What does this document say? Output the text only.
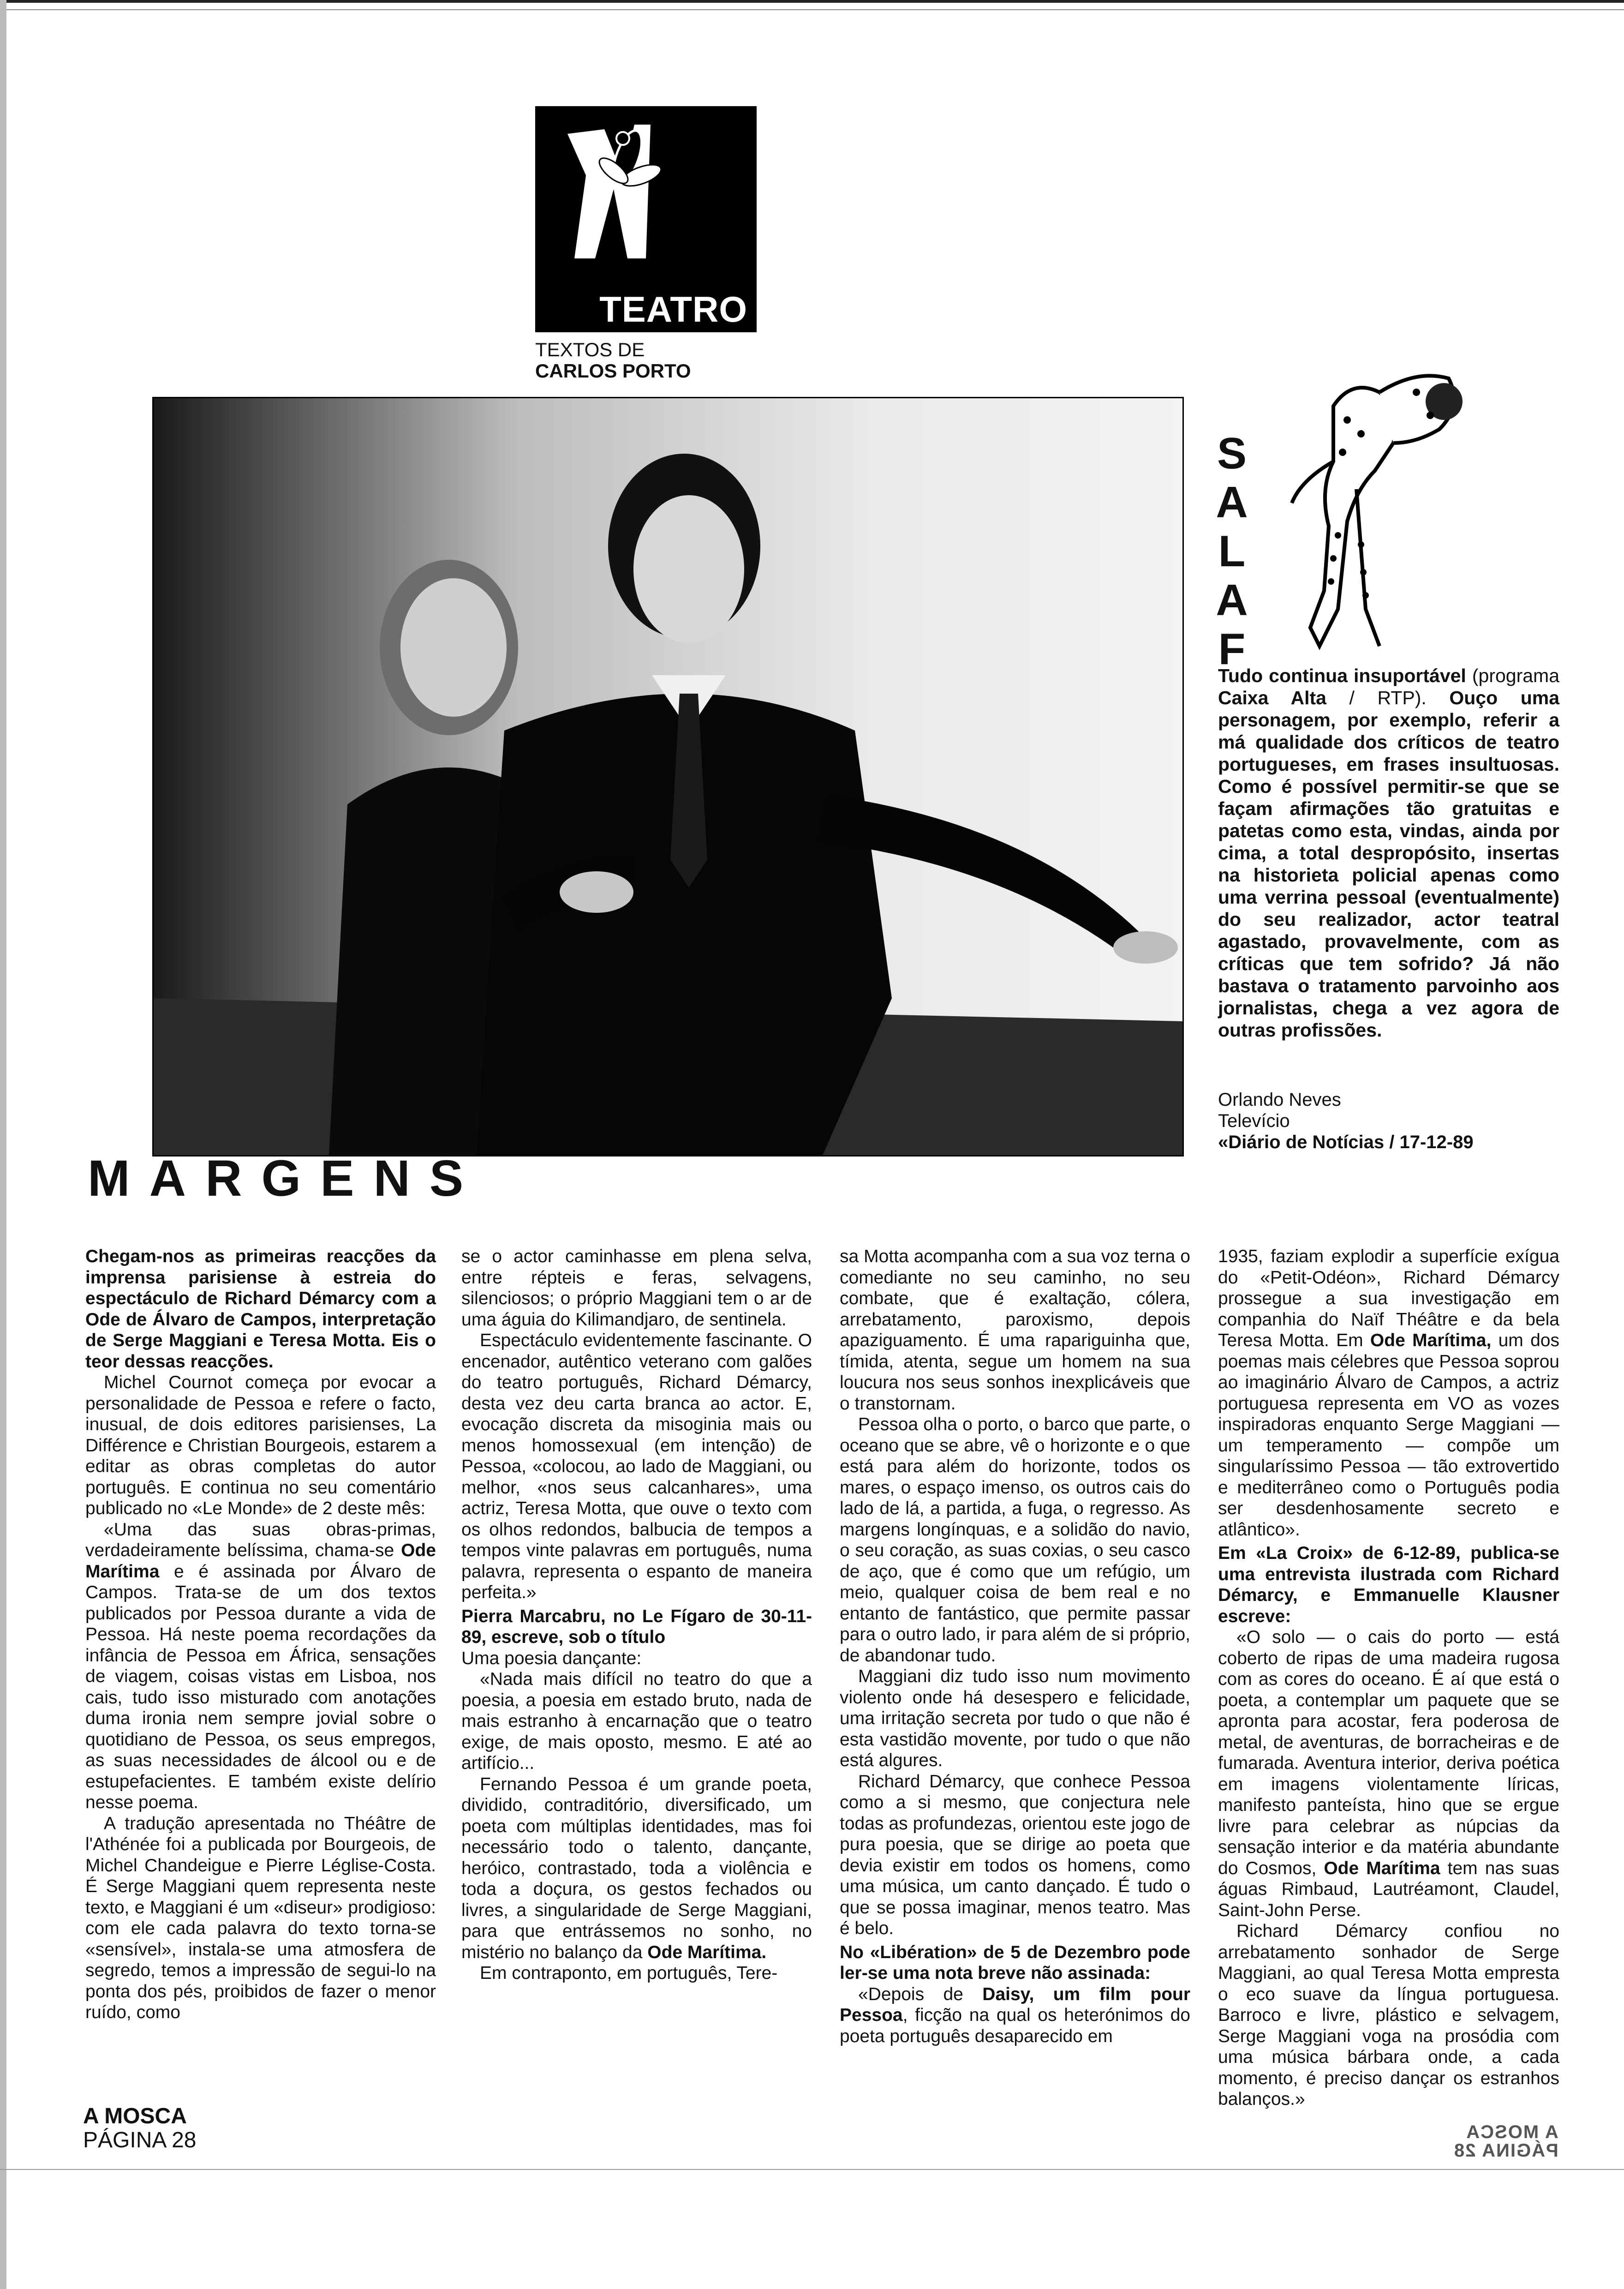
TEATRO
TEXTOS DE
CARLOS PORTO
S
A
L
A
F
Tudo continua insuportável (programa Caixa Alta / RTP). Ouço uma personagem, por exemplo, referir a má qualidade dos críticos de teatro portugueses, em frases insultuosas. Como é possível permitir-se que se façam afirmações tão gratuitas e patetas como esta, vindas, ainda por cima, a total despropósito, insertas na historieta policial apenas como uma verrina pessoal (eventualmente) do seu realizador, actor teatral agastado, provavelmente, com as críticas que tem sofrido? Já não bastava o tratamento parvoinho aos jornalistas, chega a vez agora de outras profissões.
Orlando Neves
Televício
«Diário de Notícias / 17-12-89
MARGENS

Chegam-nos as primeiras reacções da imprensa parisiense à estreia do espectáculo de Richard Démarcy com a Ode de Álvaro de Campos, interpretação de Serge Maggiani e Teresa Motta. Eis o teor dessas reacções.

Michel Cournot começa por evocar a personalidade de Pessoa e refere o facto, inusual, de dois editores parisienses, La Différence e Christian Bourgeois, estarem a editar as obras completas do autor português. E continua no seu comentário publicado no «Le Monde» de 2 deste mês:

«Uma das suas obras-primas, verdadeiramente belíssima, chama-se Ode Marítima e é assinada por Álvaro de Campos. Trata-se de um dos textos publicados por Pessoa durante a vida de Pessoa. Há neste poema recordações da infância de Pessoa em África, sensações de viagem, coisas vistas em Lisboa, nos cais, tudo isso misturado com anotações duma ironia nem sempre jovial sobre o quotidiano de Pessoa, os seus empregos, as suas necessidades de álcool ou e de estupefacientes. E também existe delírio nesse poema.

A tradução apresentada no Théâtre de l'Athénée foi a publicada por Bourgeois, de Michel Chandeigue e Pierre Léglise-Costa. É Serge Maggiani quem representa neste texto, e Maggiani é um «diseur» prodigioso: com ele cada palavra do texto torna-se «sensível», instala-se uma atmosfera de segredo, temos a impressão de segui-lo na ponta dos pés, proibidos de fazer o menor ruído, como

se o actor caminhasse em plena selva, entre répteis e feras, selvagens, silenciosos; o próprio Maggiani tem o ar de uma águia do Kilimandjaro, de sentinela.

Espectáculo evidentemente fascinante. O encenador, autêntico veterano com galões do teatro português, Richard Démarcy, desta vez deu carta branca ao actor. E, evocação discreta da misoginia mais ou menos homossexual (em intenção) de Pessoa, «colocou, ao lado de Maggiani, ou melhor, «nos seus calcanhares», uma actriz, Teresa Motta, que ouve o texto com os olhos redondos, balbucia de tempos a tempos vinte palavras em português, numa palavra, representa o espanto de maneira perfeita.»

Pierra Marcabru, no Le Fígaro de 30-11-89, escreve, sob o título

Uma poesia dançante:

«Nada mais difícil no teatro do que a poesia, a poesia em estado bruto, nada de mais estranho à encarnação que o teatro exige, de mais oposto, mesmo. E até ao artifício...

Fernando Pessoa é um grande poeta, dividido, contraditório, diversificado, um poeta com múltiplas identidades, mas foi necessário todo o talento, dançante, heróico, contrastado, toda a violência e toda a doçura, os gestos fechados ou livres, a singularidade de Serge Maggiani, para que entrássemos no sonho, no mistério no balanço da Ode Marítima.

Em contraponto, em português, Tere-

sa Motta acompanha com a sua voz terna o comediante no seu caminho, no seu combate, que é exaltação, cólera, arrebatamento, paroxismo, depois apaziguamento. É uma rapariguinha que, tímida, atenta, segue um homem na sua loucura nos seus sonhos inexplicáveis que o transtornam.

Pessoa olha o porto, o barco que parte, o oceano que se abre, vê o horizonte e o que está para além do horizonte, todos os mares, o espaço imenso, os outros cais do lado de lá, a partida, a fuga, o regresso. As margens longínquas, e a solidão do navio, o seu coração, as suas coxias, o seu casco de aço, que é como que um refúgio, um meio, qualquer coisa de bem real e no entanto de fantástico, que permite passar para o outro lado, ir para além de si próprio, de abandonar tudo.

Maggiani diz tudo isso num movimento violento onde há desespero e felicidade, uma irritação secreta por tudo o que não é esta vastidão movente, por tudo o que não está algures.

Richard Démarcy, que conhece Pessoa como a si mesmo, que conjectura nele todas as profundezas, orientou este jogo de pura poesia, que se dirige ao poeta que devia existir em todos os homens, como uma música, um canto dançado. É tudo o que se possa imaginar, menos teatro. Mas é belo.

No «Libération» de 5 de Dezembro pode ler-se uma nota breve não assinada:

«Depois de Daisy, um film pour Pessoa, ficção na qual os heterónimos do poeta português desaparecido em

1935, faziam explodir a superfície exígua do «Petit-Odéon», Richard Démarcy prossegue a sua investigação em companhia do Naïf Théâtre e da bela Teresa Motta. Em Ode Marítima, um dos poemas mais célebres que Pessoa soprou ao imaginário Álvaro de Campos, a actriz portuguesa representa em VO as vozes inspiradoras enquanto Serge Maggiani — um temperamento — compõe um singularíssimo Pessoa — tão extrovertido e mediterrâneo como o Português podia ser desdenhosamente secreto e atlântico».

Em «La Croix» de 6-12-89, publica-se uma entrevista ilustrada com Richard Démarcy, e Emmanuelle Klausner escreve:

«O solo — o cais do porto — está coberto de ripas de uma madeira rugosa com as cores do oceano. É aí que está o poeta, a contemplar um paquete que se apronta para acostar, fera poderosa de metal, de aventuras, de borracheiras e de fumarada. Aventura interior, deriva poética em imagens violentamente líricas, manifesto panteísta, hino que se ergue livre para celebrar as núpcias da sensação interior e da matéria abundante do Cosmos, Ode Marítima tem nas suas águas Rimbaud, Lautréamont, Claudel, Saint-John Perse.

Richard Démarcy confiou no arrebatamento sonhador de Serge Maggiani, ao qual Teresa Motta empresta o eco suave da língua portuguesa. Barroco e livre, plástico e selvagem, Serge Maggiani voga na prosódia com uma música bárbara onde, a cada momento, é preciso dançar os estranhos balanços.»

A MOSCA
PÁGINA 28	A MOSCA
PÁGINA 28
